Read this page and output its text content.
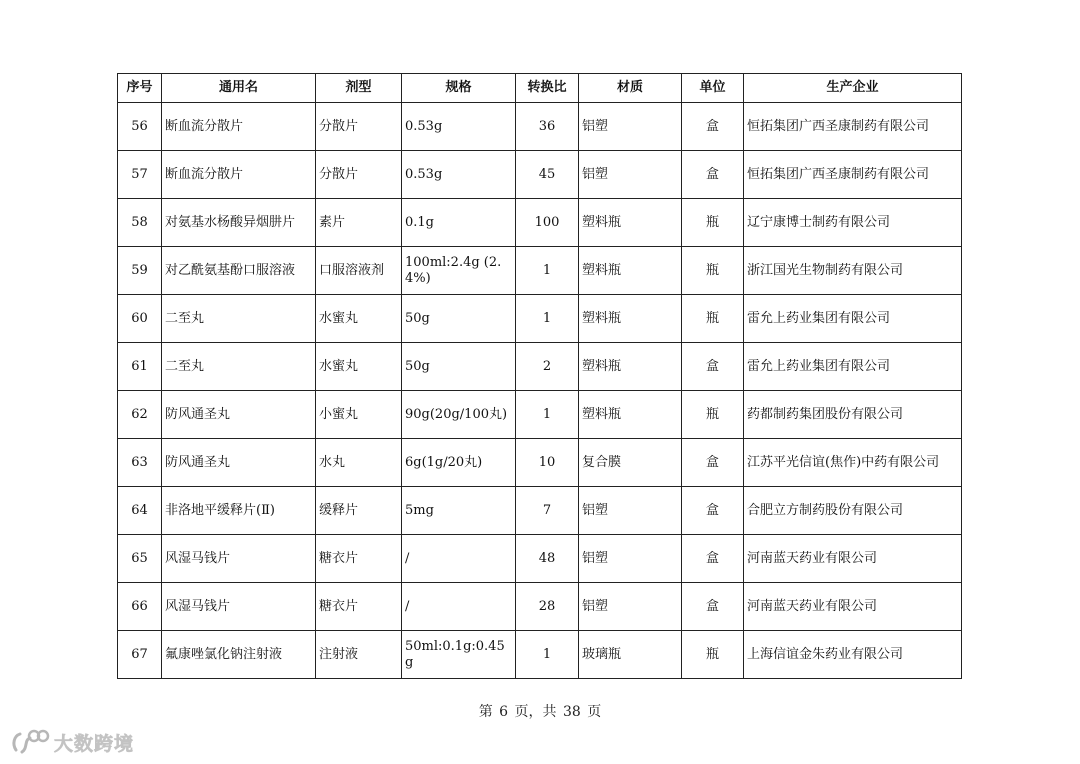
序号	通用名	剂型	规格	转换比	材质	单位	生产企业
56	断血流分散片	分散片	0.53g	36	铝塑	盒	恒拓集团广西圣康制药有限公司
57	断血流分散片	分散片	0.53g	45	铝塑	盒	恒拓集团广西圣康制药有限公司
58	对氨基水杨酸异烟肼片	素片	0.1g	100	塑料瓶	瓶	辽宁康博士制药有限公司
59	对乙酰氨基酚口服溶液	口服溶液剂	100ml:2.4g (2.4%)	1	塑料瓶	瓶	浙江国光生物制药有限公司
60	二至丸	水蜜丸	50g	1	塑料瓶	瓶	雷允上药业集团有限公司
61	二至丸	水蜜丸	50g	2	塑料瓶	盒	雷允上药业集团有限公司
62	防风通圣丸	小蜜丸	90g(20g/100丸)	1	塑料瓶	瓶	药都制药集团股份有限公司
63	防风通圣丸	水丸	6g(1g/20丸)	10	复合膜	盒	江苏平光信谊(焦作)中药有限公司
64	非洛地平缓释片(Ⅱ)	缓释片	5mg	7	铝塑	盒	合肥立方制药股份有限公司
65	风湿马钱片	糖衣片	/	48	铝塑	盒	河南蓝天药业有限公司
66	风湿马钱片	糖衣片	/	28	铝塑	盒	河南蓝天药业有限公司
67	氟康唑氯化钠注射液	注射液	50ml:0.1g:0.45g	1	玻璃瓶	瓶	上海信谊金朱药业有限公司
第 6 页，共 38 页
大数跨境
